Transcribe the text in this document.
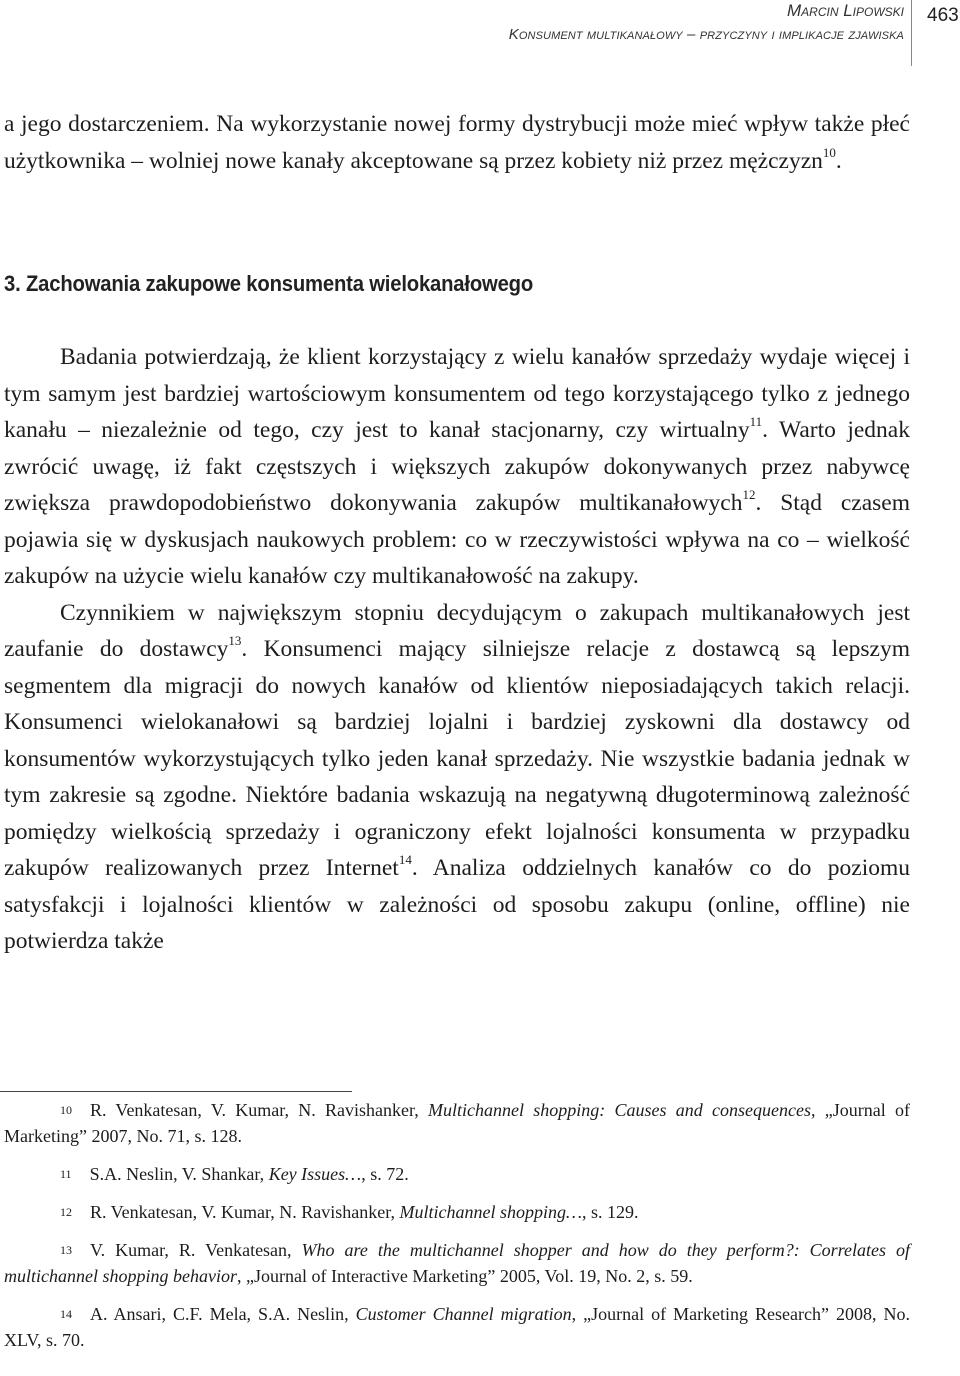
Marcin Lipowski
Konsument multikanałowy – przyczyny i implikacje zjawiska
463

a jego dostarczeniem. Na wykorzystanie nowej formy dystrybucji może mieć wpływ także płeć użytkownika – wolniej nowe kanały akceptowane są przez kobiety niż przez mężczyzn$^{10}$.

3. Zachowania zakupowe konsumenta wielokanałowego

Badania potwierdzają, że klient korzystający z wielu kanałów sprzedaży wydaje więcej i tym samym jest bardziej wartościowym konsumentem od tego korzystającego tylko z jednego kanału – niezależnie od tego, czy jest to kanał stacjonarny, czy wirtualny$^{11}$. Warto jednak zwrócić uwagę, iż fakt częstszych i większych zakupów dokonywanych przez nabywcę zwiększa prawdopodobieństwo dokonywania zakupów multikanałowych$^{12}$. Stąd czasem pojawia się w dyskusjach naukowych problem: co w rzeczywistości wpływa na co – wielkość zakupów na użycie wielu kanałów czy multikanałowość na zakupy.

Czynnikiem w największym stopniu decydującym o zakupach multikanałowych jest zaufanie do dostawcy$^{13}$. Konsumenci mający silniejsze relacje z dostawcą są lepszym segmentem dla migracji do nowych kanałów od klientów nieposiadających takich relacji. Konsumenci wielokanałowi są bardziej lojalni i bardziej zyskowni dla dostawcy od konsumentów wykorzystujących tylko jeden kanał sprzedaży. Nie wszystkie badania jednak w tym zakresie są zgodne. Niektóre badania wskazują na negatywną długoterminową zależność pomiędzy wielkością sprzedaży i ograniczony efekt lojalności konsumenta w przypadku zakupów realizowanych przez Internet$^{14}$. Analiza oddzielnych kanałów co do poziomu satysfakcji i lojalności klientów w zależności od sposobu zakupu (online, offline) nie potwierdza także

10 R. Venkatesan, V. Kumar, N. Ravishanker, Multichannel shopping: Causes and consequences, „Journal of Marketing” 2007, No. 71, s. 128.

11 S.A. Neslin, V. Shankar, Key Issues…, s. 72.

12 R. Venkatesan, V. Kumar, N. Ravishanker, Multichannel shopping…, s. 129.

13 V. Kumar, R. Venkatesan, Who are the multichannel shopper and how do they perform?: Correlates of multichannel shopping behavior, „Journal of Interactive Marketing” 2005, Vol. 19, No. 2, s. 59.

14 A. Ansari, C.F. Mela, S.A. Neslin, Customer Channel migration, „Journal of Marketing Research” 2008, No. XLV, s. 70.
